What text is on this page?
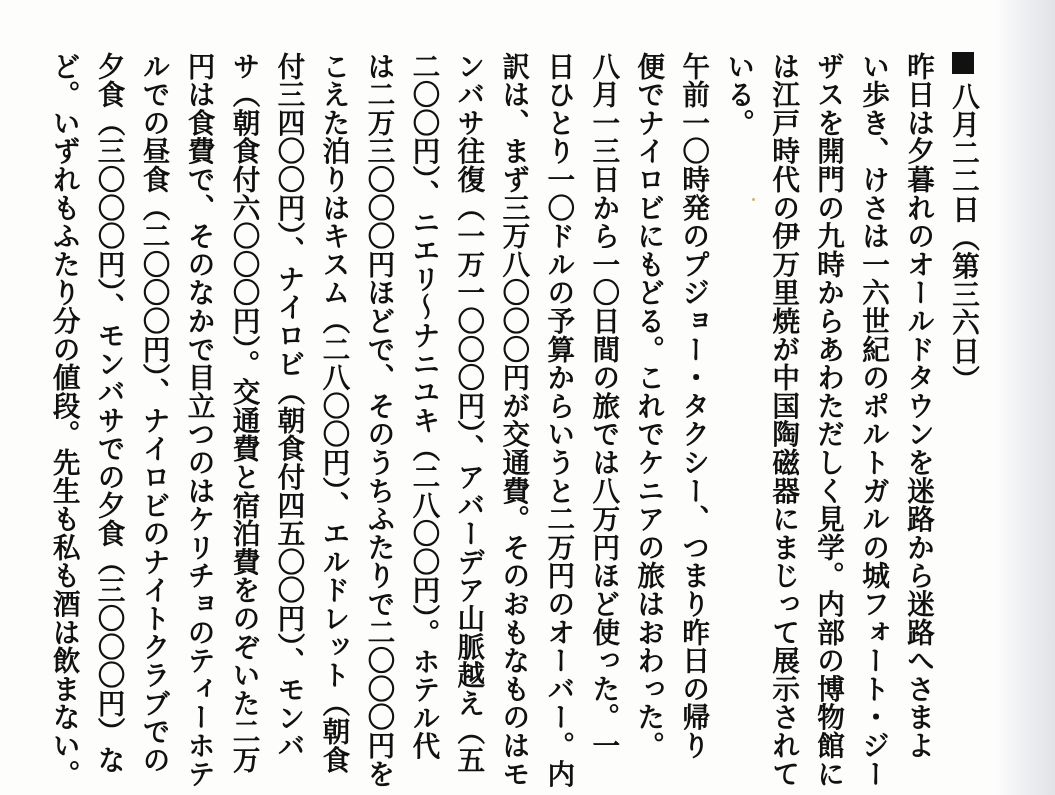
八月二二日（第三六日）
昨日は夕暮れのオールドタウンを迷路から迷路へさまよ
い歩き、けさは一六世紀のポルトガルの城フォート・ジー
ザスを開門の九時からあわただしく見学。内部の博物館に
は江戸時代の伊万里焼が中国陶磁器にまじって展示されて
いる。
午前一〇時発のプジョー・タクシー、つまり昨日の帰り
便でナイロビにもどる。これでケニアの旅はおわった。
八月一三日から一〇日間の旅では八万円ほど使った。一
日ひとり一〇ドルの予算からいうと二万円のオーバー。内
訳は、まず三万八〇〇〇円が交通費。そのおもなものはモ
ンバサ往復（一万一〇〇〇円）、アバーデア山脈越え（五
二〇〇円）、ニエリ〜ナニユキ（二八〇〇円）。ホテル代
は二万三〇〇〇円ほどで、そのうちふたりで二〇〇〇円を
こえた泊りはキスム（二八〇〇円）、エルドレット（朝食
付三四〇〇円）、ナイロビ（朝食付四五〇〇円）、モンバ
サ（朝食付六〇〇〇円）。交通費と宿泊費をのぞいた二万
円は食費で、そのなかで目立つのはケリチョのティーホテ
ルでの昼食（二〇〇〇円）、ナイロビのナイトクラブでの
夕食（三〇〇〇円）、モンバサでの夕食（三〇〇〇円）な
ど。いずれもふたり分の値段。先生も私も酒は飲まない。
